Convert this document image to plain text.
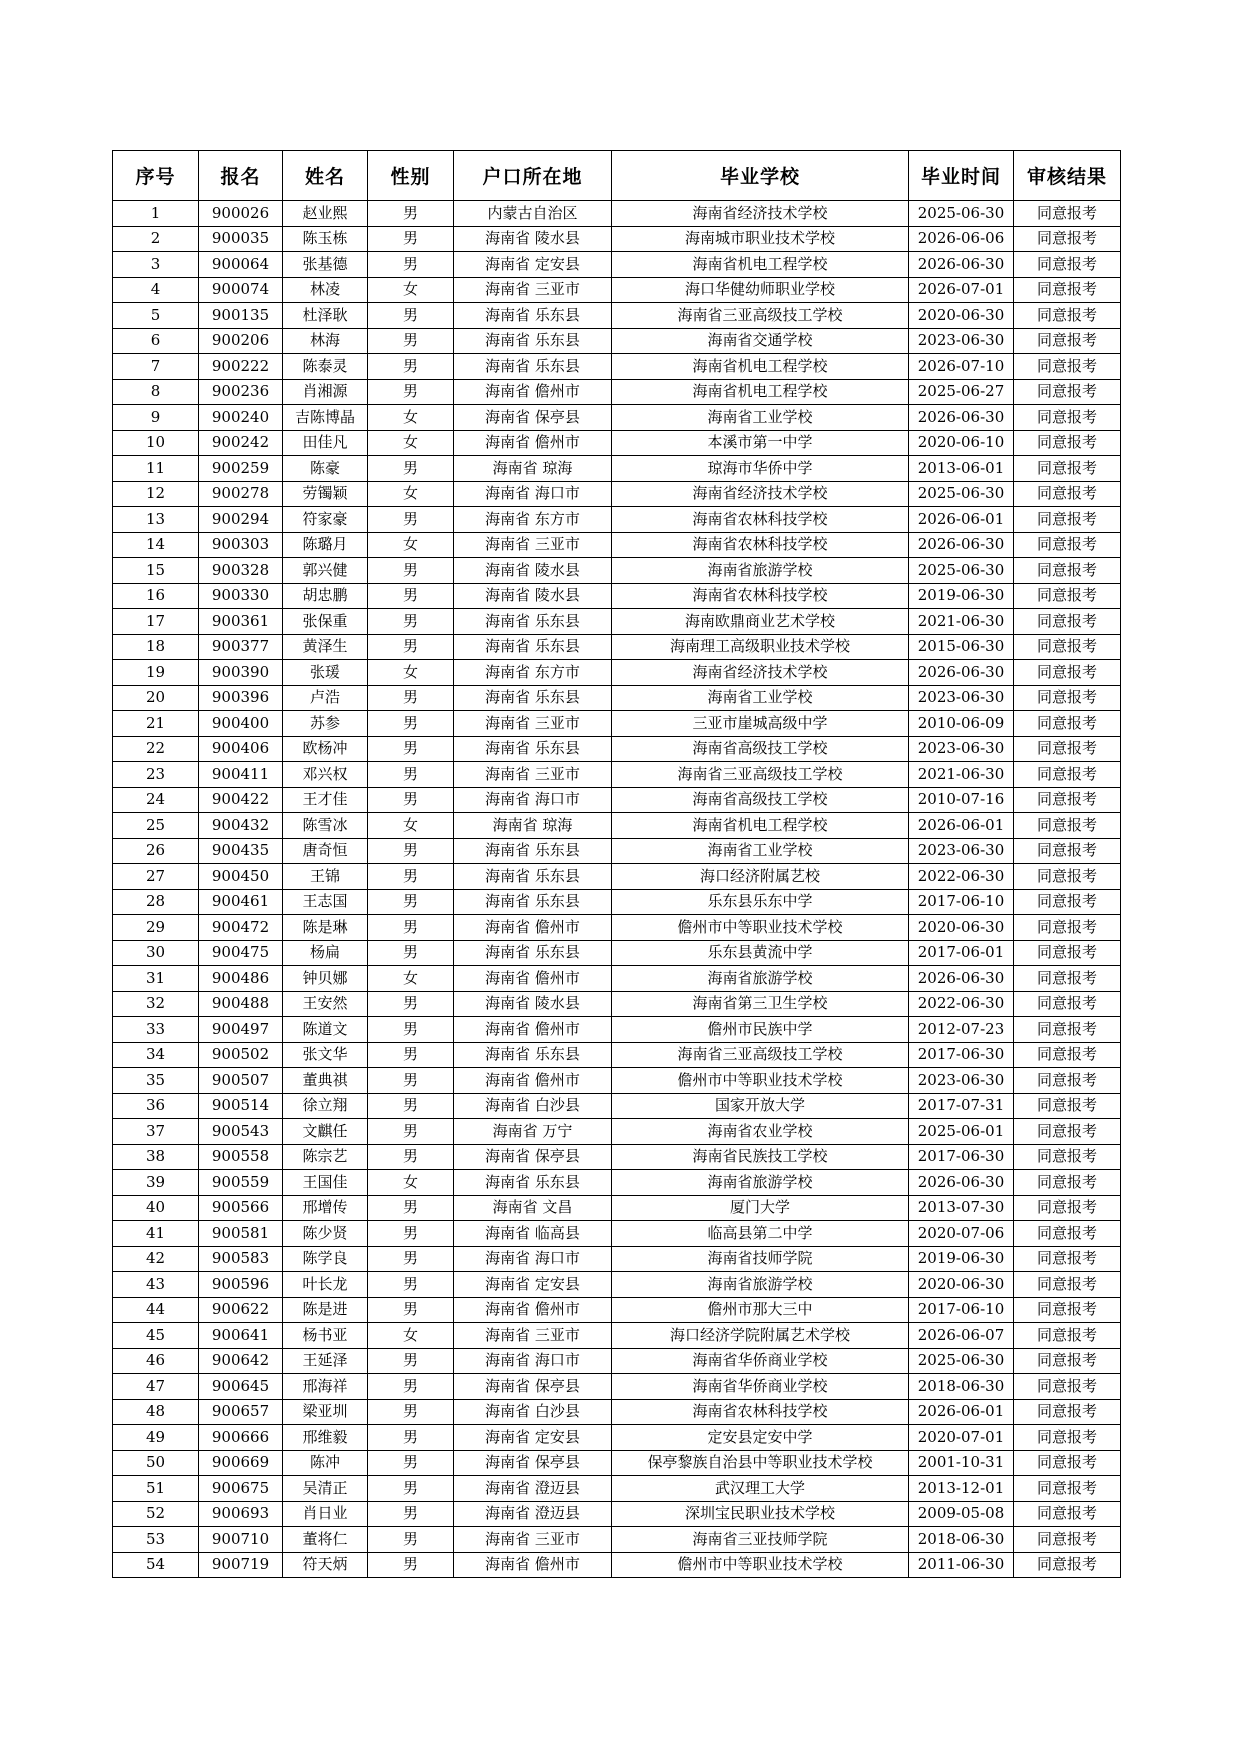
序号	报名	姓名	性别	户口所在地	毕业学校	毕业时间	审核结果
1	900026	赵业熙	男	内蒙古自治区	海南省经济技术学校	2025-06-30	同意报考
2	900035	陈玉栋	男	海南省 陵水县	海南城市职业技术学校	2026-06-06	同意报考
3	900064	张基德	男	海南省 定安县	海南省机电工程学校	2026-06-30	同意报考
4	900074	林凌	女	海南省 三亚市	海口华健幼师职业学校	2026-07-01	同意报考
5	900135	杜泽耿	男	海南省 乐东县	海南省三亚高级技工学校	2020-06-30	同意报考
6	900206	林海	男	海南省 乐东县	海南省交通学校	2023-06-30	同意报考
7	900222	陈泰灵	男	海南省 乐东县	海南省机电工程学校	2026-07-10	同意报考
8	900236	肖湘源	男	海南省 儋州市	海南省机电工程学校	2025-06-27	同意报考
9	900240	吉陈博晶	女	海南省 保亭县	海南省工业学校	2026-06-30	同意报考
10	900242	田佳凡	女	海南省 儋州市	本溪市第一中学	2020-06-10	同意报考
11	900259	陈豪	男	海南省 琼海	琼海市华侨中学	2013-06-01	同意报考
12	900278	劳镯颖	女	海南省 海口市	海南省经济技术学校	2025-06-30	同意报考
13	900294	符家豪	男	海南省 东方市	海南省农林科技学校	2026-06-01	同意报考
14	900303	陈璐月	女	海南省 三亚市	海南省农林科技学校	2026-06-30	同意报考
15	900328	郭兴健	男	海南省 陵水县	海南省旅游学校	2025-06-30	同意报考
16	900330	胡忠鹏	男	海南省 陵水县	海南省农林科技学校	2019-06-30	同意报考
17	900361	张保重	男	海南省 乐东县	海南欧鼎商业艺术学校	2021-06-30	同意报考
18	900377	黄泽生	男	海南省 乐东县	海南理工高级职业技术学校	2015-06-30	同意报考
19	900390	张瑗	女	海南省 东方市	海南省经济技术学校	2026-06-30	同意报考
20	900396	卢浩	男	海南省 乐东县	海南省工业学校	2023-06-30	同意报考
21	900400	苏参	男	海南省 三亚市	三亚市崖城高级中学	2010-06-09	同意报考
22	900406	欧杨冲	男	海南省 乐东县	海南省高级技工学校	2023-06-30	同意报考
23	900411	邓兴权	男	海南省 三亚市	海南省三亚高级技工学校	2021-06-30	同意报考
24	900422	王才佳	男	海南省 海口市	海南省高级技工学校	2010-07-16	同意报考
25	900432	陈雪冰	女	海南省 琼海	海南省机电工程学校	2026-06-01	同意报考
26	900435	唐奇恒	男	海南省 乐东县	海南省工业学校	2023-06-30	同意报考
27	900450	王锦	男	海南省 乐东县	海口经济附属艺校	2022-06-30	同意报考
28	900461	王志国	男	海南省 乐东县	乐东县乐东中学	2017-06-10	同意报考
29	900472	陈是琳	男	海南省 儋州市	儋州市中等职业技术学校	2020-06-30	同意报考
30	900475	杨扁	男	海南省 乐东县	乐东县黄流中学	2017-06-01	同意报考
31	900486	钟贝娜	女	海南省 儋州市	海南省旅游学校	2026-06-30	同意报考
32	900488	王安然	男	海南省 陵水县	海南省第三卫生学校	2022-06-30	同意报考
33	900497	陈道文	男	海南省 儋州市	儋州市民族中学	2012-07-23	同意报考
34	900502	张文华	男	海南省 乐东县	海南省三亚高级技工学校	2017-06-30	同意报考
35	900507	董典祺	男	海南省 儋州市	儋州市中等职业技术学校	2023-06-30	同意报考
36	900514	徐立翔	男	海南省 白沙县	国家开放大学	2017-07-31	同意报考
37	900543	文麒任	男	海南省 万宁	海南省农业学校	2025-06-01	同意报考
38	900558	陈宗艺	男	海南省 保亭县	海南省民族技工学校	2017-06-30	同意报考
39	900559	王国佳	女	海南省 乐东县	海南省旅游学校	2026-06-30	同意报考
40	900566	邢增传	男	海南省 文昌	厦门大学	2013-07-30	同意报考
41	900581	陈少贤	男	海南省 临高县	临高县第二中学	2020-07-06	同意报考
42	900583	陈学良	男	海南省 海口市	海南省技师学院	2019-06-30	同意报考
43	900596	叶长龙	男	海南省 定安县	海南省旅游学校	2020-06-30	同意报考
44	900622	陈是进	男	海南省 儋州市	儋州市那大三中	2017-06-10	同意报考
45	900641	杨书亚	女	海南省 三亚市	海口经济学院附属艺术学校	2026-06-07	同意报考
46	900642	王延泽	男	海南省 海口市	海南省华侨商业学校	2025-06-30	同意报考
47	900645	邢海祥	男	海南省 保亭县	海南省华侨商业学校	2018-06-30	同意报考
48	900657	梁亚圳	男	海南省 白沙县	海南省农林科技学校	2026-06-01	同意报考
49	900666	邢维毅	男	海南省 定安县	定安县定安中学	2020-07-01	同意报考
50	900669	陈冲	男	海南省 保亭县	保亭黎族自治县中等职业技术学校	2001-10-31	同意报考
51	900675	吴清正	男	海南省 澄迈县	武汉理工大学	2013-12-01	同意报考
52	900693	肖日业	男	海南省 澄迈县	深圳宝民职业技术学校	2009-05-08	同意报考
53	900710	董将仁	男	海南省 三亚市	海南省三亚技师学院	2018-06-30	同意报考
54	900719	符天炳	男	海南省 儋州市	儋州市中等职业技术学校	2011-06-30	同意报考
